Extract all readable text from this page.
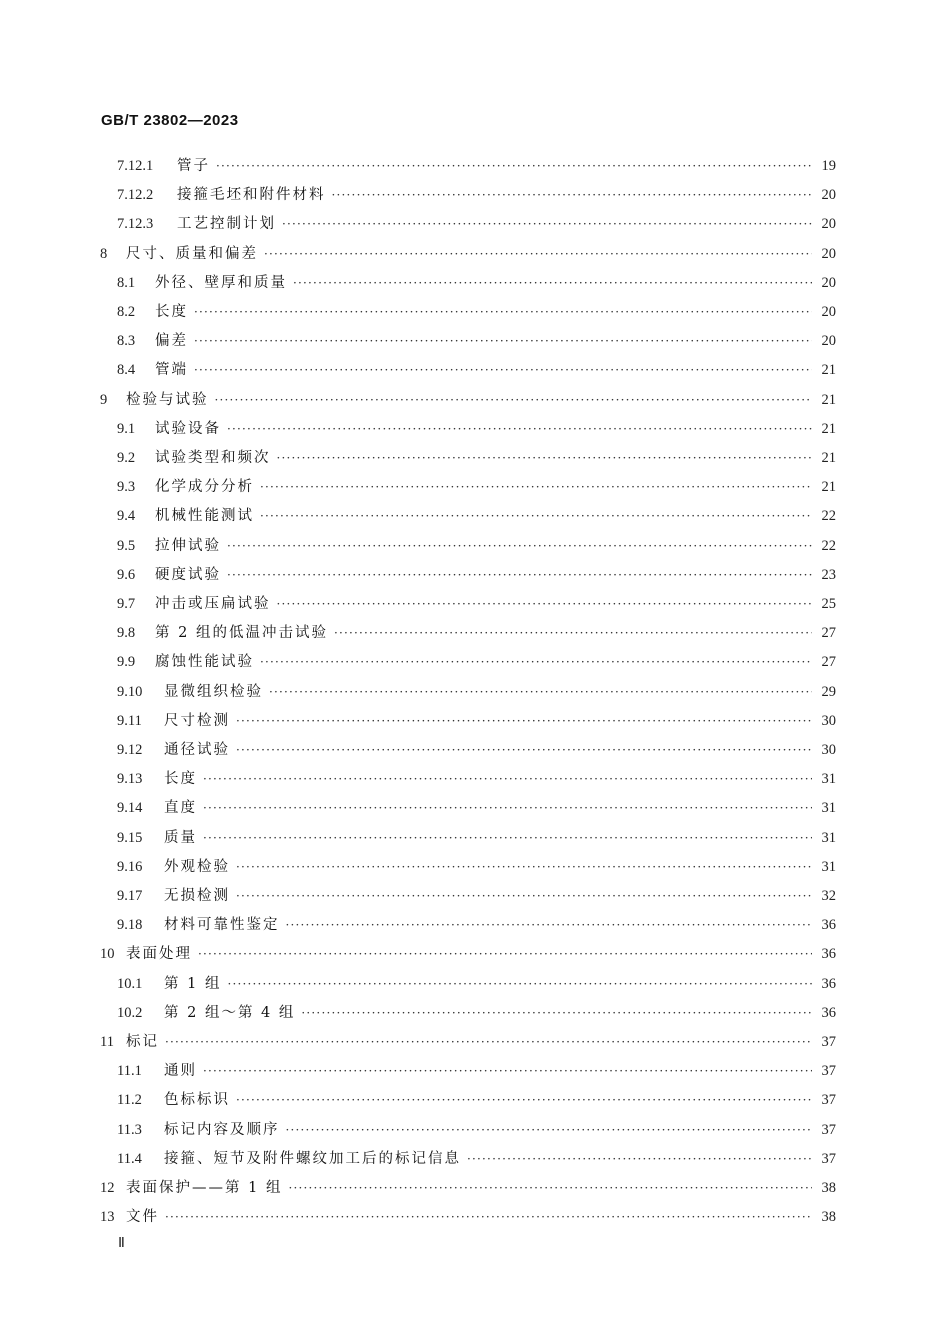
GB/T 23802—2023
7.12.1	管子 ·····	19
7.12.2	接箍毛坯和附件材料 ·····	20
7.12.3	工艺控制计划 ·····	20
8	尺寸、质量和偏差 ·····	20
8.1	外径、壁厚和质量 ·····	20
8.2	长度 ·····	20
8.3	偏差 ·····	20
8.4	管端 ·····	21
9	检验与试验 ·····	21
9.1	试验设备 ·····	21
9.2	试验类型和频次 ·····	21
9.3	化学成分分析 ·····	21
9.4	机械性能测试 ·····	22
9.5	拉伸试验 ·····	22
9.6	硬度试验 ·····	23
9.7	冲击或压扁试验 ·····	25
9.8	第 2 组的低温冲击试验 ·····	27
9.9	腐蚀性能试验 ·····	27
9.10	显微组织检验 ·····	29
9.11	尺寸检测 ·····	30
9.12	通径试验 ·····	30
9.13	长度 ·····	31
9.14	直度 ·····	31
9.15	质量 ·····	31
9.16	外观检验 ·····	31
9.17	无损检测 ·····	32
9.18	材料可靠性鉴定 ·····	36
10 表面处理 ·····	36
10.1	第 1 组 ·····	36
10.2	第 2 组～第 4 组 ·····	36
11 标记 ·····	37
11.1	通则 ·····	37
11.2	色标标识 ·····	37
11.3	标记内容及顺序 ·····	37
11.4	接箍、短节及附件螺纹加工后的标记信息 ·····	37
12 表面保护——第 1 组 ·····	38
13 文件 ·····	38
Ⅱ
